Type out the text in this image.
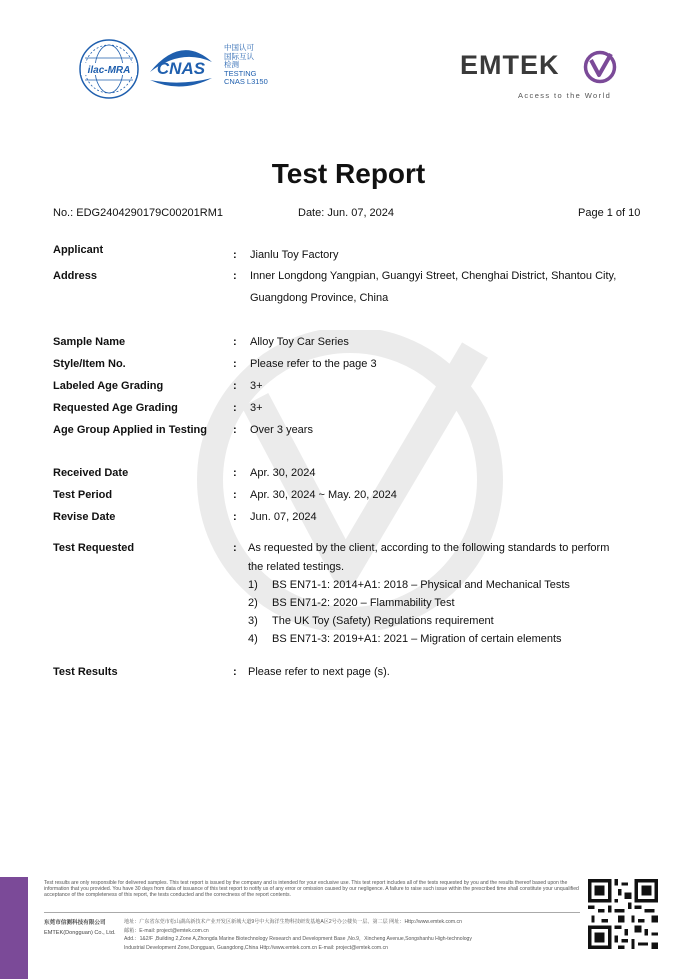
ilac-MRA CNAS
中国认可
国际互认
检测
TESTING
CNAS L3150
EMTEK
Access to the World
Test Report
No.: EDG2404290179C00201RM1	Date: Jun. 07, 2024	Page 1 of 10
Applicant	: Jianlu Toy Factory
Address	: Inner Longdong Yangpian, Guangyi Street, Chenghai District, Shantou City,
Guangdong Province, China
Sample Name	: Alloy Toy Car Series
Style/Item No.	: Please refer to the page 3
Labeled Age Grading	: 3+
Requested Age Grading	: 3+
Age Group Applied in Testing : Over 3 years
Received Date	: Apr. 30, 2024
Test Period	: Apr. 30, 2024 ~ May. 20, 2024
Revise Date	: Jun. 07, 2024
Test Requested	: As requested by the client, according to the following standards to perform
the related testings.
1) BS EN71-1: 2014+A1: 2018 – Physical and Mechanical Tests
2) BS EN71-2: 2020 – Flammability Test
3) The UK Toy (Safety) Regulations requirement
4) BS EN71-3: 2019+A1: 2021 – Migration of certain elements
Test Results	: Please refer to next page (s).
Test results are only responsible for delivered samples. This test report is issued by the company and is intended for your exclusive use. This test report includes all of the tests requested by you and the results thereof based upon the information that you provided. You have 30 days from data of issuance of this test report to notify us of any error or omission caused by our negligence. A failure to raise such issue within the prescribed time shall constitute your unqualified acceptance of the completeness of this report, the tests conducted and the correctness of the report contents.
东莞市信测科技有限公司
EMTEK(Dongguan) Co., Ltd.
地址：广东省东莞市松山湖高新技术产业开发区新城大道9号中大海洋生物科技研发基地A区2号办公楼负一层、第二层 网址：Http://www.emtek.com.cn
邮箱：E-mail: project@emtek.com.cn
Add.：1&2/F ,Building 2,Zone A,Zhongda Marine Biotechnology Research and Development Base ,No.9，Xincheng Avenue,Songshanhu High-technology
Industrial Development Zone,Dongguan, Guangdong,China Http://www.emtek.com.cn E-mail: project@emtek.com.cn
